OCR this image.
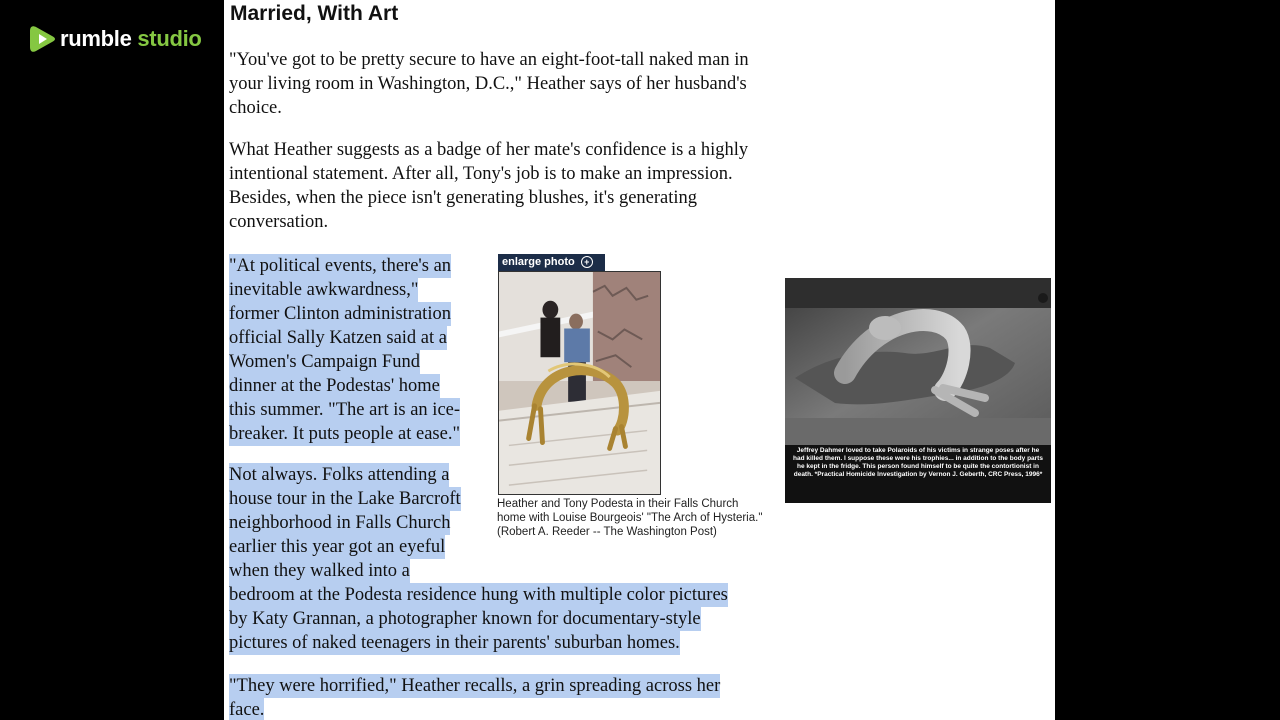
rumble studio
Married, With Art

"You've got to be pretty secure to have an eight-foot-tall naked man in your living room in Washington, D.C.," Heather says of her husband's choice.

What Heather suggests as a badge of her mate's confidence is a highly intentional statement. After all, Tony's job is to make an impression. Besides, when the piece isn't generating blushes, it's generating conversation.

"At political events, there's an
inevitable awkwardness,"
former Clinton administration
official Sally Katzen said at a
Women's Campaign Fund
dinner at the Podestas' home
this summer. "The art is an ice-
breaker. It puts people at ease."
Not always. Folks attending a
house tour in the Lake Barcroft
neighborhood in Falls Church
earlier this year got an eyeful
when they walked into a
bedroom at the Podesta residence hung with multiple color pictures
by Katy Grannan, a photographer known for documentary-style
pictures of naked teenagers in their parents' suburban homes.
"They were horrified," Heather recalls, a grin spreading across her
face.
enlarge photo +

Heather and Tony Podesta in their Falls Church home with Louise Bourgeois' "The Arch of Hysteria." (Robert A. Reeder -- The Washington Post)

Jeffrey Dahmer loved to take Polaroids of his victims in strange poses after he had killed them. I suppose these were his trophies... in addition to the body parts he kept in the fridge. This person found himself to be quite the contortionist in death. *Practical Homicide Investigation by Vernon J. Geberth, CRC Press, 1996*
